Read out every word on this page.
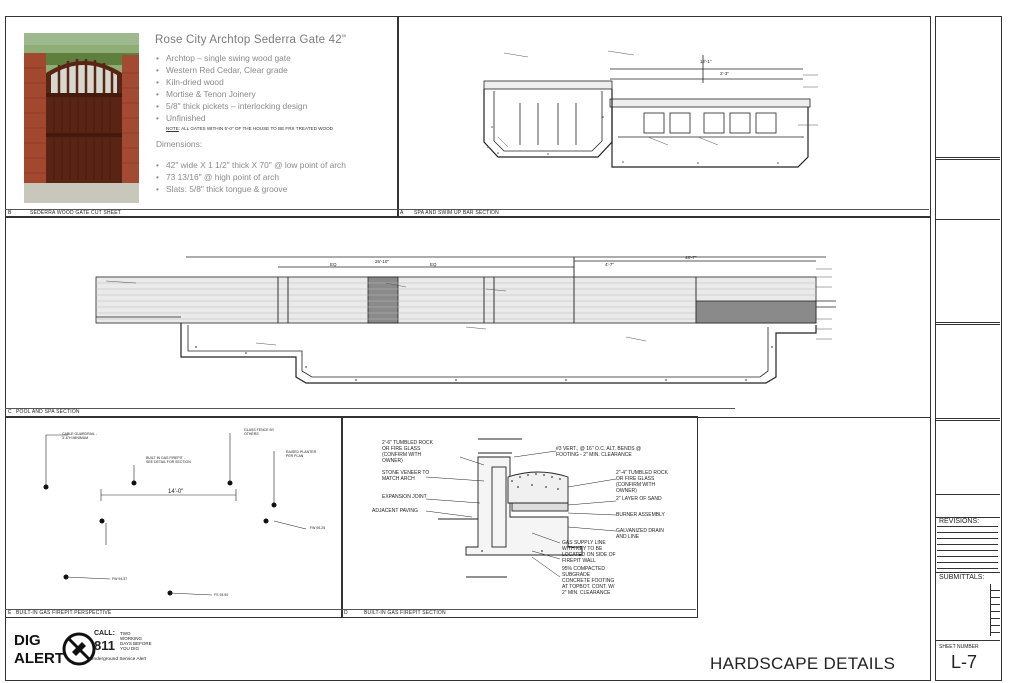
Rose City Archtop Sederra Gate 42"
• Archtop – single swing wood gate
• Western Red Cedar, Clear grade
• Kiln-dried wood
• Mortise & Tenon Joinery
• 5/8" thick pickets – interlocking design
• Unfinished
NOTE: ALL GATES WITHIN 5'-0" OF THE HOUSE TO BE FRX TREATED WOOD
Dimensions:
• 42" wide X 1 1/2" thick X 70" @ low point of arch
• 73 13/16" @ high point of arch
• Slats: 5/8" thick tongue & groove
B	SEDERRA WOOD GATE CUT SHEET
12'-1"
2'-3"
A SPA AND SWIM UP BAR SECTION
26'-10"
48'-7"
4'-7"
EQ	EQ
C POOL AND SPA SECTION
CABLE GUARDRAIL -
3'-6"H MINIMUM
GLASS FENCE BY
OTHERS
BUILT IN GAS FIREPIT -
SEE DETAIL FOR SECTION
RAISED PLANTER
PER PLAN
14'-0"
FW 95.25
FW 94.57
FS 93.90
E BUILT-IN GAS FIREPIT PERSPECTIVE
2'-6" TUMBLED ROCK
OR FIRE GLASS
(CONFIRM WITH
OWNER)
STONE VENEER TO
MATCH ARCH
EXPANSION JOINT
ADJACENT PAVING
#3 VERT., @ 16" O.C. ALT. BENDS @
FOOTING - 2" MIN. CLEARANCE
2"-4" TUMBLED ROCK
OR FIRE GLASS
(CONFIRM WITH
OWNER)
2" LAYER OF SAND
BURNER ASSEMBLY
GALVANIZED DRAIN
AND LINE
GAS SUPPLY LINE
WITH KEY TO BE
LOCATED ON SIDE OF
FIREPIT WALL
95% COMPACTED
SUBGRADE
CONCRETE FOOTING
AT TOPBOT. CONT. W/
2" MIN. CLEARANCE
D	BUILT-IN GAS FIREPIT SECTION
DIG
ALERT
CALL:
811
TWO
WORKING
DAYS BEFORE
YOU DIG
Underground Service Alert	HARDSCAPE DETAILS
REVISIONS:
SUBMITTALS:
SHEET NUMBER
L-7
